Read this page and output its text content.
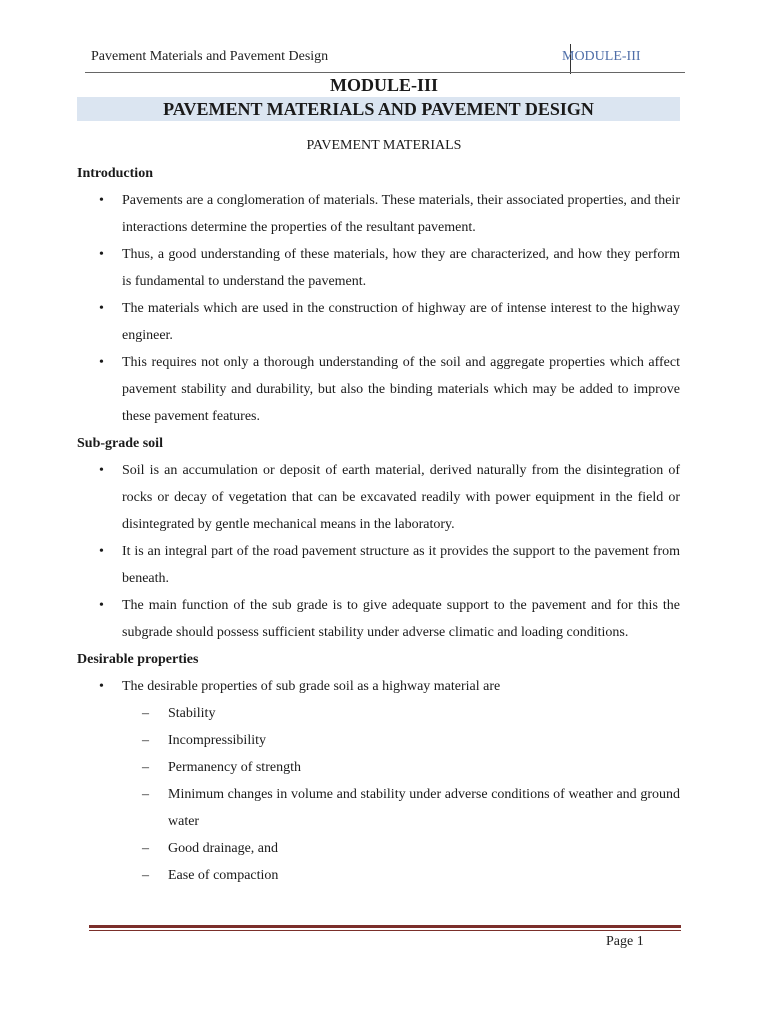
Pavement Materials and Pavement Design	MODULE-III
MODULE-III
PAVEMENT MATERIALS AND PAVEMENT DESIGN
PAVEMENT MATERIALS
Introduction
• Pavements are a conglomeration of materials. These materials, their associated properties, and their interactions determine the properties of the resultant pavement.
• Thus, a good understanding of these materials, how they are characterized, and how they perform is fundamental to understand the pavement.
• The materials which are used in the construction of highway are of intense interest to the highway engineer.
• This requires not only a thorough understanding of the soil and aggregate properties which affect pavement stability and durability, but also the binding materials which may be added to improve these pavement features.
Sub-grade soil
• Soil is an accumulation or deposit of earth material, derived naturally from the disintegration of rocks or decay of vegetation that can be excavated readily with power equipment in the field or disintegrated by gentle mechanical means in the laboratory.
• It is an integral part of the road pavement structure as it provides the support to the pavement from beneath.
• The main function of the sub grade is to give adequate support to the pavement and for this the subgrade should possess sufficient stability under adverse climatic and loading conditions.
Desirable properties
• The desirable properties of sub grade soil as a highway material are
– Stability
– Incompressibility
– Permanency of strength
– Minimum changes in volume and stability under adverse conditions of weather and ground water
– Good drainage, and
– Ease of compaction
Page 1
